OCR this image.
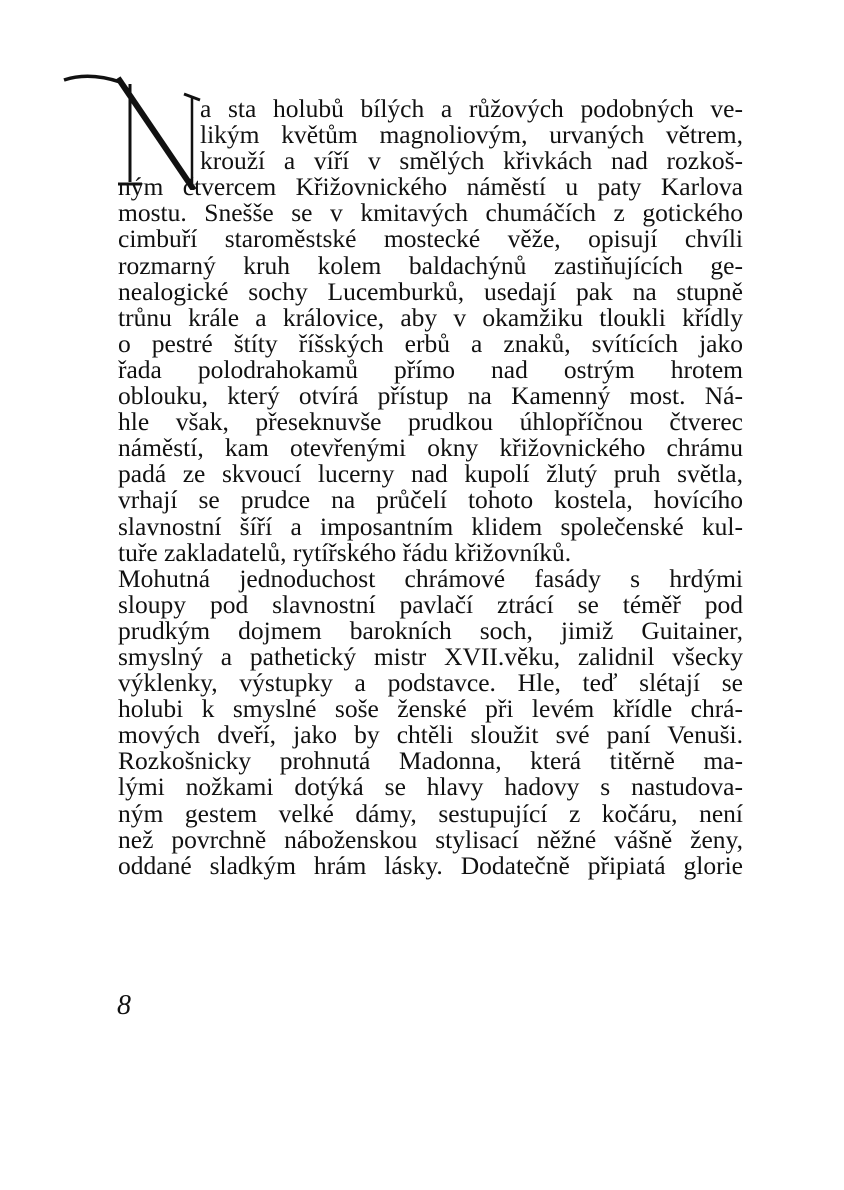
a sta holubů bílých a růžových podobných ve-
likým květům magnoliovým, urvaných větrem,
krouží a víří v smělých křivkách nad rozkoš-
ným čtvercem Křižovnického náměstí u paty Karlova
mostu. Snešše se v kmitavých chumáčích z gotického
cimbuří staroměstské mostecké věže, opisují chvíli
rozmarný kruh kolem baldachýnů zastiňujících ge-
nealogické sochy Lucemburků, usedají pak na stupně
trůnu krále a královice, aby v okamžiku tloukli křídly
o pestré štíty říšských erbů a znaků, svítících jako
řada polodrahokamů přímo nad ostrým hrotem
oblouku, který otvírá přístup na Kamenný most. Ná-
hle však, přeseknuvše prudkou úhlopříčnou čtverec
náměstí, kam otevřenými okny křižovnického chrámu
padá ze skvoucí lucerny nad kupolí žlutý pruh světla,
vrhají se prudce na průčelí tohoto kostela, hovícího
slavnostní šíří a imposantním klidem společenské kul-
tuře zakladatelů, rytířského řádu křižovníků.
Mohutná jednoduchost chrámové fasády s hrdými
sloupy pod slavnostní pavlačí ztrácí se téměř pod
prudkým dojmem barokních soch, jimiž Guitainer,
smyslný a pathetický mistr XVII.věku, zalidnil všecky
výklenky, výstupky a podstavce. Hle, teď slétají se
holubi k smyslné soše ženské při levém křídle chrá-
mových dveří, jako by chtěli sloužit své paní Venuši.
Rozkošnicky prohnutá Madonna, která titěrně ma-
lými nožkami dotýká se hlavy hadovy s nastudova-
ným gestem velké dámy, sestupující z kočáru, není
než povrchně náboženskou stylisací něžné vášně ženy,
oddané sladkým hrám lásky. Dodatečně připiatá glorie
8
